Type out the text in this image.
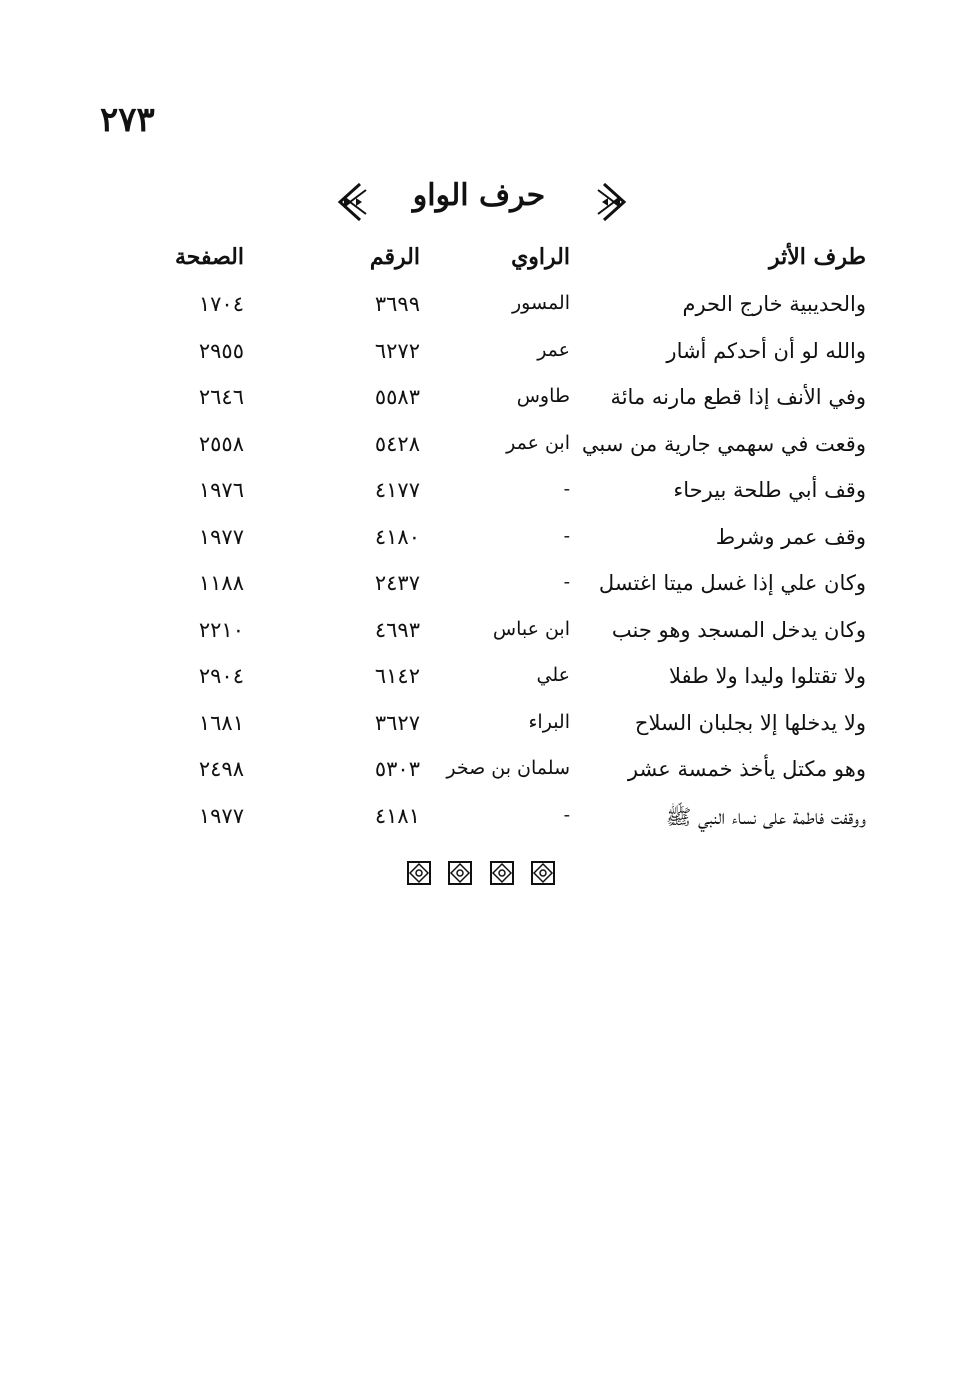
٢٧٣
حرف الواو
طرف الأثر
الراوي
الرقم
الصفحة
والحديبية خارج الحرم
المسور
٣٦٩٩
١٧٠٤
والله لو أن أحدكم أشار
عمر
٦٢٧٢
٢٩٥٥
وفي الأنف إذا قطع مارنه مائة
طاوس
٥٥٨٣
٢٦٤٦
وقعت في سهمي جارية من سبي
ابن عمر
٥٤٢٨
٢٥٥٨
وقف أبي طلحة بيرحاء
-
٤١٧٧
١٩٧٦
وقف عمر وشرط
-
٤١٨٠
١٩٧٧
وكان علي إذا غسل ميتا اغتسل
-
٢٤٣٧
١١٨٨
وكان يدخل المسجد وهو جنب
ابن عباس
٤٦٩٣
٢٢١٠
ولا تقتلوا وليدا ولا طفلا
علي
٦١٤٢
٢٩٠٤
ولا يدخلها إلا بجلبان السلاح
البراء
٣٦٢٧
١٦٨١
وهو مكتل يأخذ خمسة عشر
سلمان بن صخر
٥٣٠٣
٢٤٩٨
ووقفت فاطمة على نساء النبي ﷺ
-
٤١٨١
١٩٧٧
